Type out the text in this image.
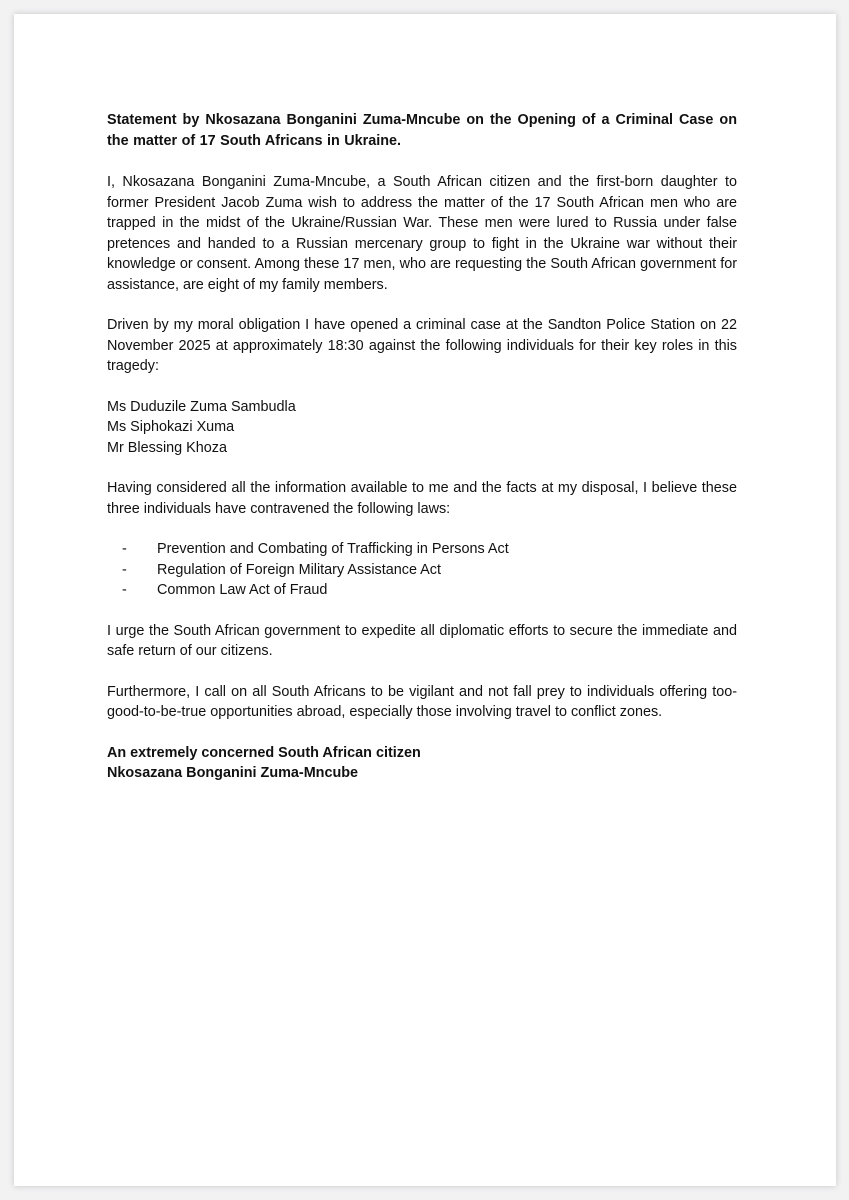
Statement by Nkosazana Bonganini Zuma-Mncube on the Opening of a Criminal Case on the matter of 17 South Africans in Ukraine.

I, Nkosazana Bonganini Zuma-Mncube, a South African citizen and the first-born daughter to former President Jacob Zuma wish to address the matter of the 17 South African men who are trapped in the midst of the Ukraine/Russian War. These men were lured to Russia under false pretences and handed to a Russian mercenary group to fight in the Ukraine war without their knowledge or consent. Among these 17 men, who are requesting the South African government for assistance, are eight of my family members.

Driven by my moral obligation I have opened a criminal case at the Sandton Police Station on 22 November 2025 at approximately 18:30 against the following individuals for their key roles in this tragedy:

Ms Duduzile Zuma Sambudla
Ms Siphokazi Xuma
Mr Blessing Khoza

Having considered all the information available to me and the facts at my disposal, I believe these three individuals have contravened the following laws:

- Prevention and Combating of Trafficking in Persons Act
- Regulation of Foreign Military Assistance Act
- Common Law Act of Fraud

I urge the South African government to expedite all diplomatic efforts to secure the immediate and safe return of our citizens.

Furthermore, I call on all South Africans to be vigilant and not fall prey to individuals offering too-good-to-be-true opportunities abroad, especially those involving travel to conflict zones.

An extremely concerned South African citizen
Nkosazana Bonganini Zuma-Mncube
